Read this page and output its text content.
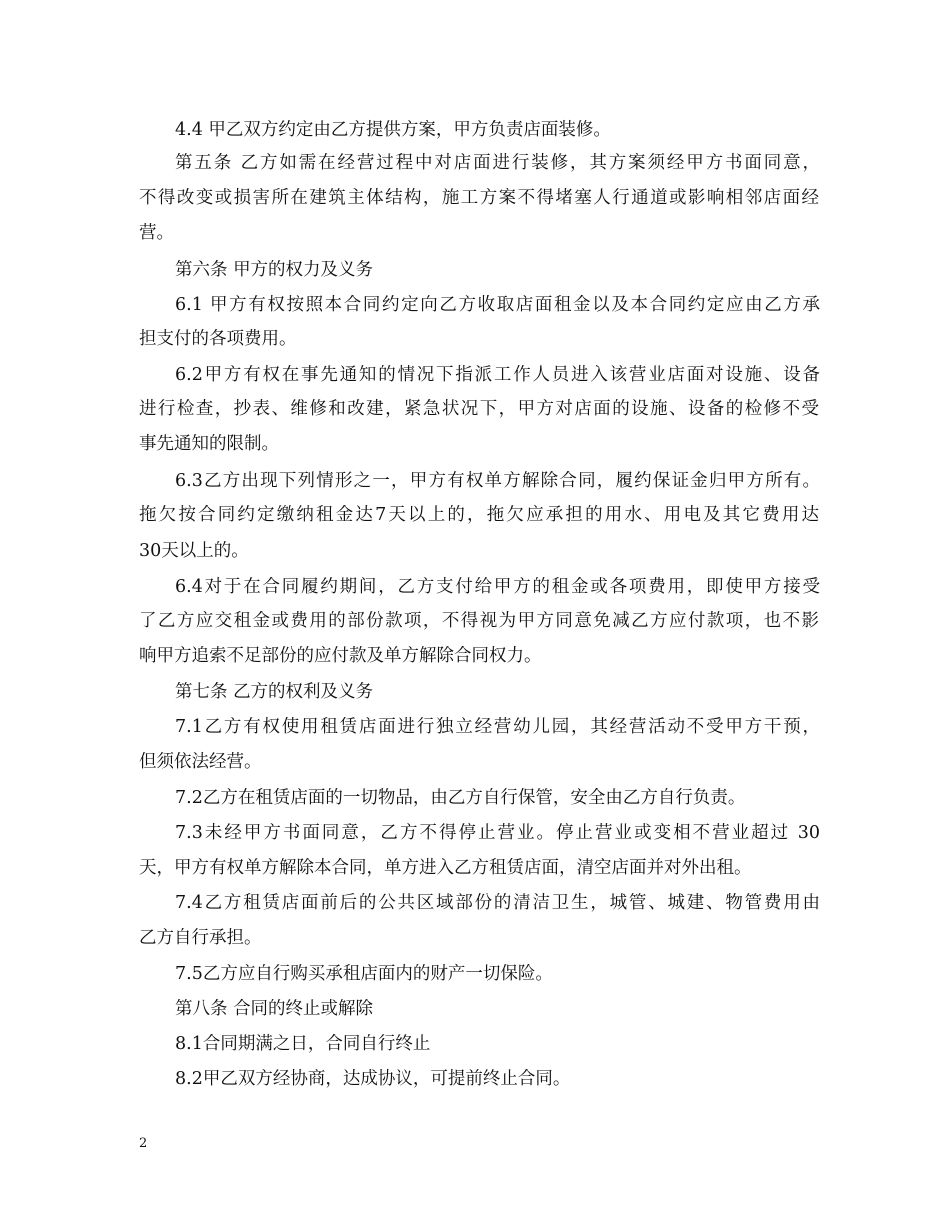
4.4 甲乙双方约定由乙方提供方案，甲方负责店面装修。
第五条 乙方如需在经营过程中对店面进行装修，其方案须经甲方书面同意，
不得改变或损害所在建筑主体结构，施工方案不得堵塞人行通道或影响相邻店面经
营。
第六条 甲方的权力及义务
6.1 甲方有权按照本合同约定向乙方收取店面租金以及本合同约定应由乙方承
担支付的各项费用。
6.2甲方有权在事先通知的情况下指派工作人员进入该营业店面对设施、设备
进行检查，抄表、维修和改建，紧急状况下，甲方对店面的设施、设备的检修不受
事先通知的限制。
6.3乙方出现下列情形之一，甲方有权单方解除合同，履约保证金归甲方所有。
拖欠按合同约定缴纳租金达7天以上的，拖欠应承担的用水、用电及其它费用达
30天以上的。
6.4对于在合同履约期间，乙方支付给甲方的租金或各项费用，即使甲方接受
了乙方应交租金或费用的部份款项，不得视为甲方同意免减乙方应付款项，也不影
响甲方追索不足部份的应付款及单方解除合同权力。
第七条 乙方的权利及义务
7.1乙方有权使用租赁店面进行独立经营幼儿园，其经营活动不受甲方干预，
但须依法经营。
7.2乙方在租赁店面的一切物品，由乙方自行保管，安全由乙方自行负责。
7.3未经甲方书面同意，乙方不得停止营业。停止营业或变相不营业超过 30
天，甲方有权单方解除本合同，单方进入乙方租赁店面，清空店面并对外出租。
7.4乙方租赁店面前后的公共区域部份的清洁卫生，城管、城建、物管费用由
乙方自行承担。
7.5乙方应自行购买承租店面内的财产一切保险。
第八条 合同的终止或解除
8.1合同期满之日，合同自行终止
8.2甲乙双方经协商，达成协议，可提前终止合同。
2
